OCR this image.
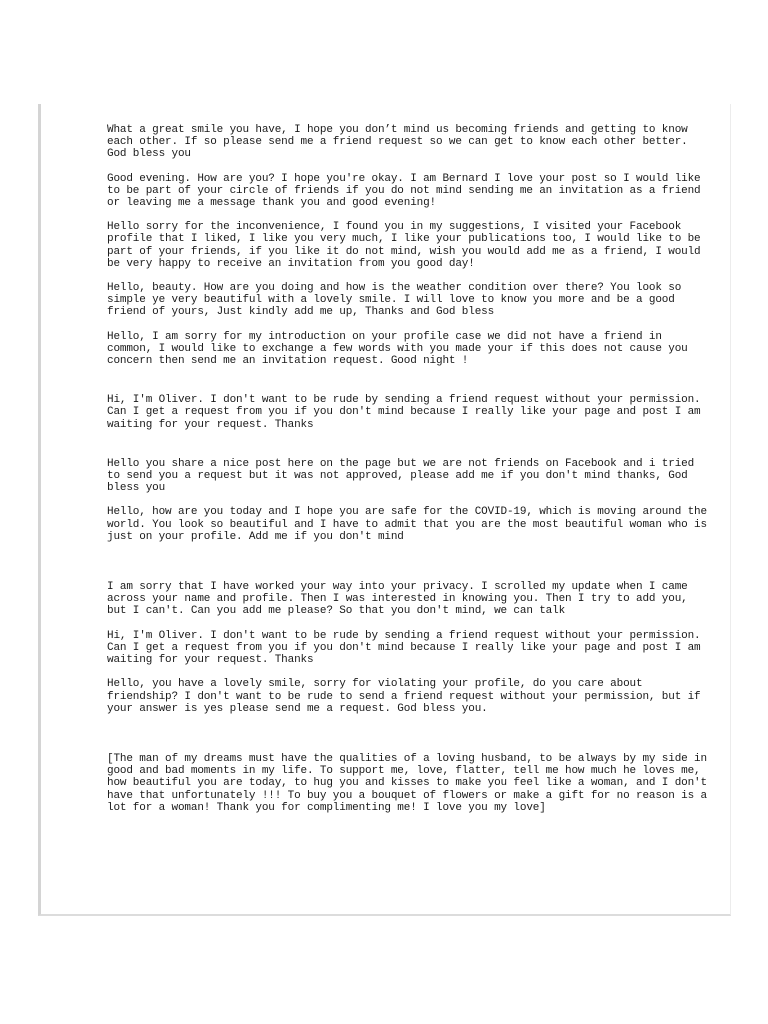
What a great smile you have, I hope you don’t mind us becoming friends and getting to know each other. If so please send me a friend request so we can get to know each other better. God bless you

Good evening. How are you? I hope you're okay. I am Bernard I love your post so I would like to be part of your circle of friends if you do not mind sending me an invitation as a friend or leaving me a message thank you and good evening!

Hello sorry for the inconvenience, I found you in my suggestions, I visited your Facebook profile that I liked, I like you very much, I like your publications too, I would like to be part of your friends, if you like it do not mind, wish you would add me as a friend, I would be very happy to receive an invitation from you good day!

Hello, beauty. How are you doing and how is the weather condition over there? You look so simple ye very beautiful with a lovely smile. I will love to know you more and be a good friend of yours, Just kindly add me up, Thanks and God bless

Hello, I am sorry for my introduction on your profile case we did not have a friend in common, I would like to exchange a few words with you made your if this does not cause you concern then send me an invitation request. Good night !

Hi, I'm Oliver. I don't want to be rude by sending a friend request without your permission. Can I get a request from you if you don't mind because I really like your page and post I am waiting for your request. Thanks

Hello you share a nice post here on the page but we are not friends on Facebook and i tried to send you a request but it was not approved, please add me if you don't mind thanks, God bless you

Hello, how are you today and I hope you are safe for the COVID-19, which is moving around the world. You look so beautiful and I have to admit that you are the most beautiful woman who is just on your profile. Add me if you don't mind

I am sorry that I have worked your way into your privacy. I scrolled my update when I came across your name and profile. Then I was interested in knowing you. Then I try to add you, but I can't. Can you add me please? So that you don't mind, we can talk

Hi, I'm Oliver. I don't want to be rude by sending a friend request without your permission. Can I get a request from you if you don't mind because I really like your page and post I am waiting for your request. Thanks

Hello, you have a lovely smile, sorry for violating your profile, do you care about friendship? I don't want to be rude to send a friend request without your permission, but if your answer is yes please send me a request. God bless you.

[The man of my dreams must have the qualities of a loving husband, to be always by my side in good and bad moments in my life. To support me, love, flatter, tell me how much he loves me, how beautiful you are today, to hug you and kisses to make you feel like a woman, and I don't have that unfortunately !!! To buy you a bouquet of flowers or make a gift for no reason is a lot for a woman! Thank you for complimenting me! I love you my love]
